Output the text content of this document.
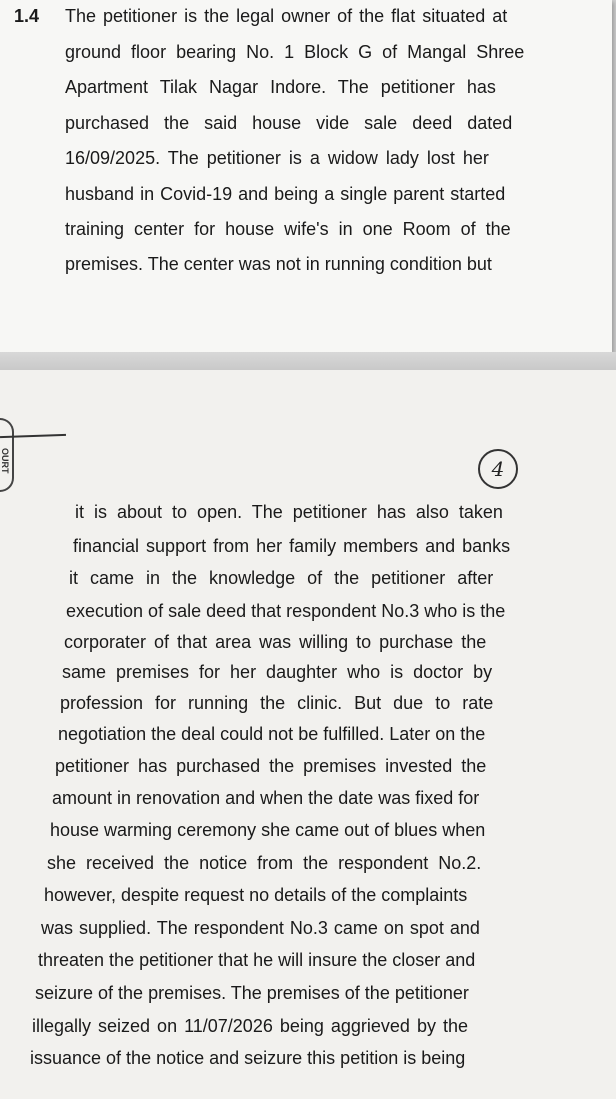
1.4 The petitioner is the legal owner of the flat situated at
ground floor bearing No. 1 Block G of Mangal Shree
Apartment Tilak Nagar Indore. The petitioner has
purchased the said house vide sale deed dated
16/09/2025. The petitioner is a widow lady lost her
husband in Covid-19 and being a single parent started
training center for house wife's in one Room of the
premises. The center was not in running condition but
OURT	4
it is about to open. The petitioner has also taken
financial support from her family members and banks
it came in the knowledge of the petitioner after
execution of sale deed that respondent No.3 who is the
corporater of that area was willing to purchase the
same premises for her daughter who is doctor by
profession for running the clinic. But due to rate
negotiation the deal could not be fulfilled. Later on the
petitioner has purchased the premises invested the
amount in renovation and when the date was fixed for
house warming ceremony she came out of blues when
she received the notice from the respondent No.2.
however, despite request no details of the complaints
was supplied. The respondent No.3 came on spot and
threaten the petitioner that he will insure the closer and
seizure of the premises. The premises of the petitioner
illegally seized on 11/07/2026 being aggrieved by the
issuance of the notice and seizure this petition is being
